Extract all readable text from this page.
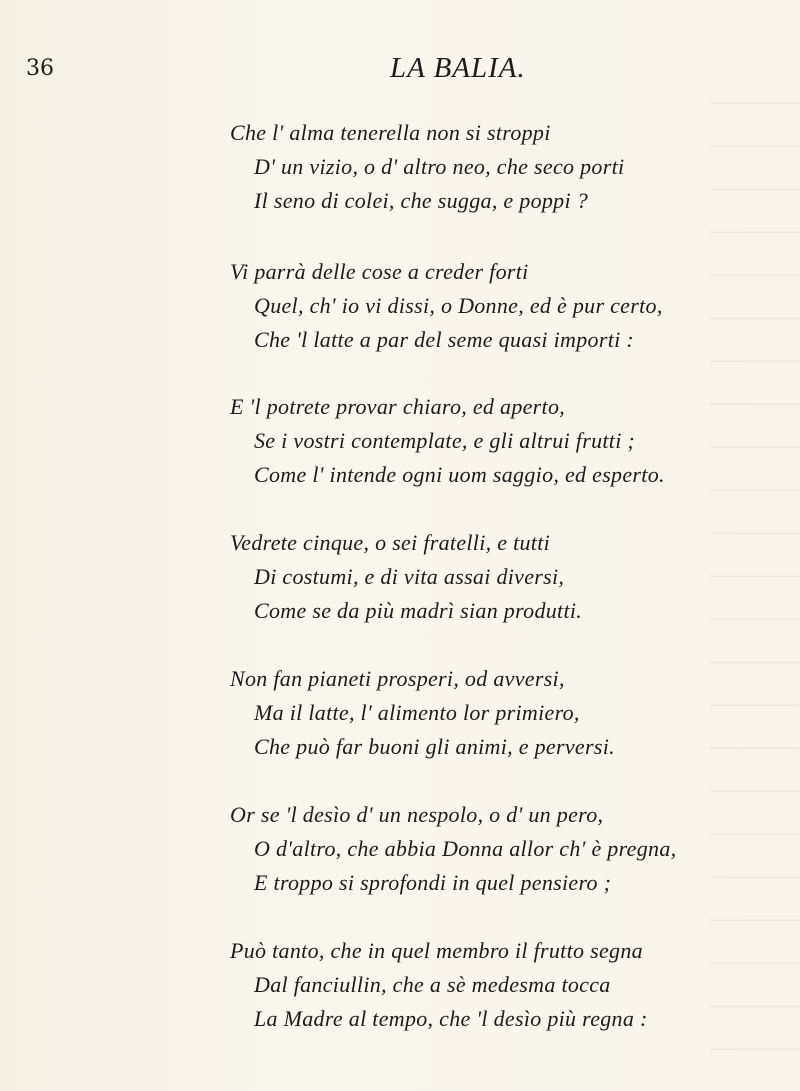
36	LA BALIA.
Che l' alma tenerella non si stroppi
D' un vizio, o d' altro neo, che seco porti
Il seno di colei, che sugga, e poppi ?
Vi parrà delle cose a creder forti
Quel, ch' io vi dissi, o Donne, ed è pur certo,
Che 'l latte a par del seme quasi importi :
E 'l potrete provar chiaro, ed aperto,
Se i vostri contemplate, e gli altrui frutti ;
Come l' intende ogni uom saggio, ed esperto.
Vedrete cinque, o sei fratelli, e tutti
Di costumi, e di vita assai diversi,
Come se da più madrì sian produtti.
Non fan pianeti prosperi, od avversi,
Ma il latte, l' alimento lor primiero,
Che può far buoni gli animi, e perversi.
Or se 'l desìo d' un nespolo, o d' un pero,
O d'altro, che abbia Donna allor ch' è pregna,
E troppo si sprofondi in quel pensiero ;
Può tanto, che in quel membro il frutto segna
Dal fanciullin, che a sè medesma tocca
La Madre al tempo, che 'l desìo più regna :
